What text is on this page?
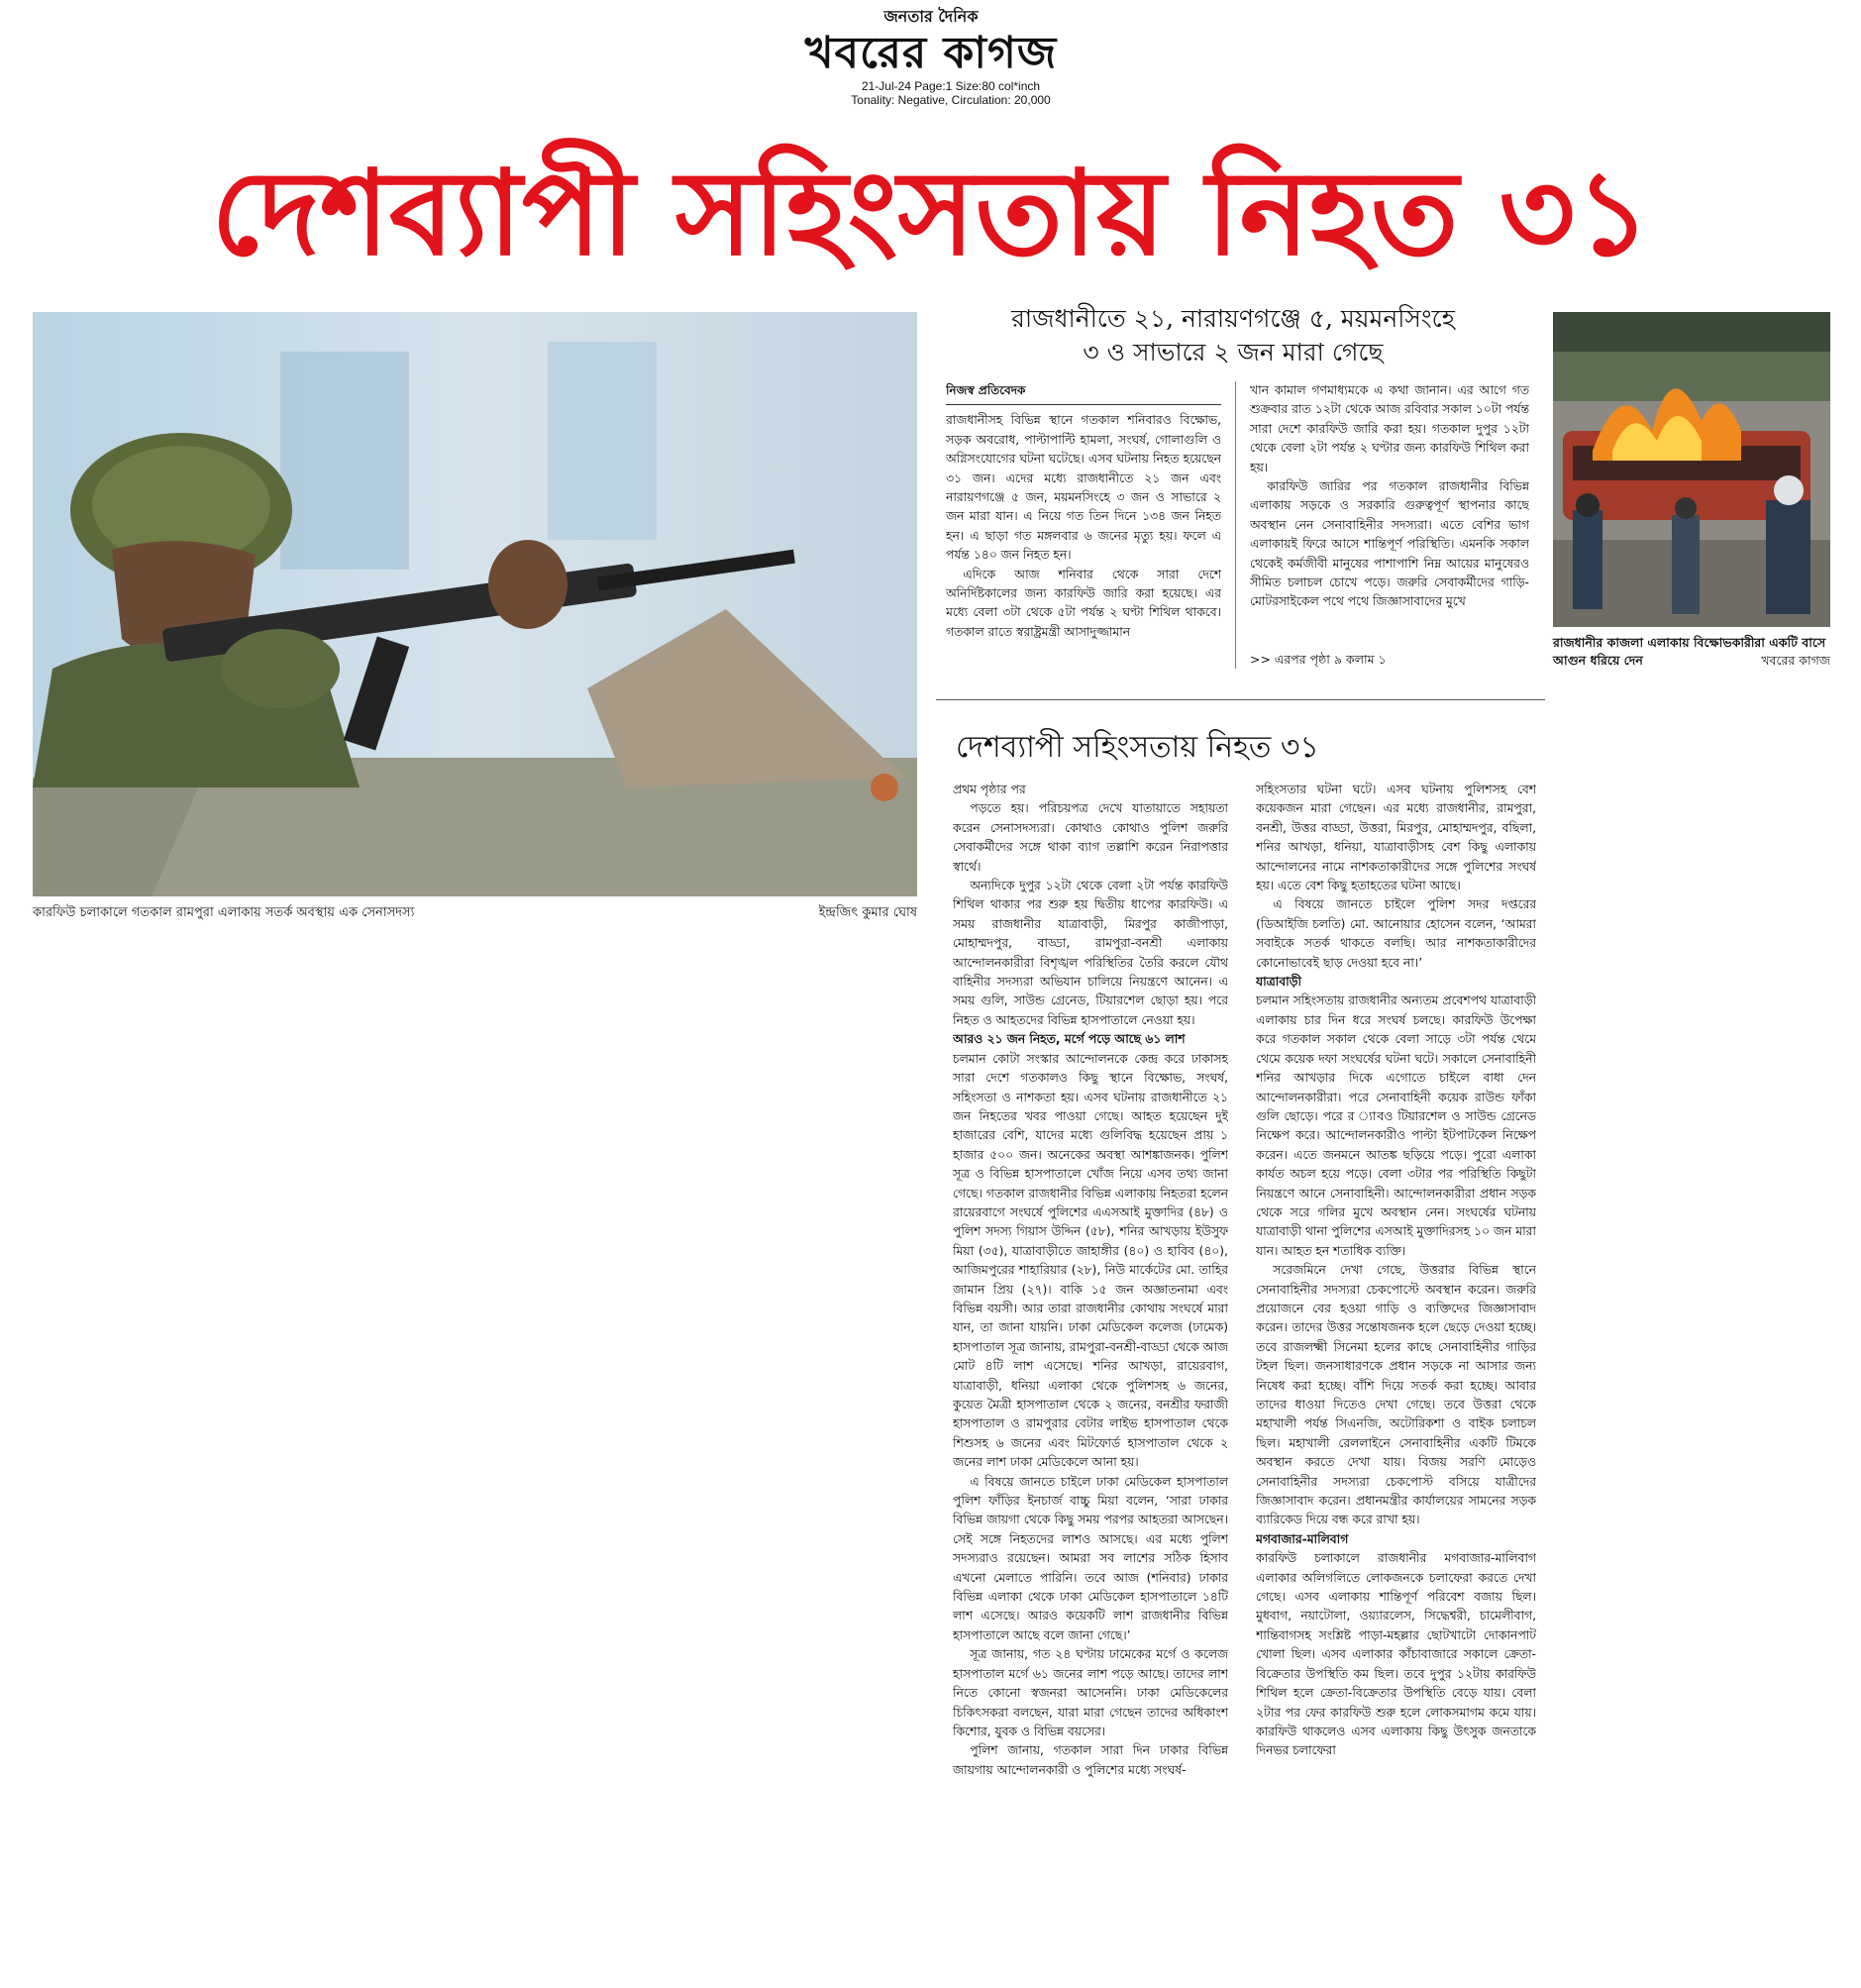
জনতার দৈনিক
খবরের কাগজ
21-Jul-24 Page:1 Size:80 col*inch
Tonality: Negative, Circulation: 20,000
দেশব্যাপী সহিংসতায় নিহত ৩১
কারফিউ চলাকালে গতকাল রামপুরা এলাকায় সতর্ক অবস্থায় এক সেনাসদস্য	ইন্দ্রজিৎ কুমার ঘোষ
রাজধানীতে ২১, নারায়ণগঞ্জে ৫, ময়মনসিংহে
৩ ও সাভারে ২ জন মারা গেছে

নিজস্ব প্রতিবেদক

রাজধানীসহ বিভিন্ন স্থানে গতকাল শনিবারও বিক্ষোভ, সড়ক অবরোধ, পাল্টাপাল্টি হামলা, সংঘর্ষ, গোলাগুলি ও অগ্নিসংযোগের ঘটনা ঘটেছে। এসব ঘটনায় নিহত হয়েছেন ৩১ জন। এদের মধ্যে রাজধানীতে ২১ জন এবং নারায়ণগঞ্জে ৫ জন, ময়মনসিংহে ৩ জন ও সাভারে ২ জন মারা যান। এ নিয়ে গত তিন দিনে ১৩৪ জন নিহত হন। এ ছাড়া গত মঙ্গলবার ৬ জনের মৃত্যু হয়। ফলে এ পর্যন্ত ১৪০ জন নিহত হন।

এদিকে আজ শনিবার থেকে সারা দেশে অনির্দিষ্টকালের জন্য কারফিউ জারি করা হয়েছে। এর মধ্যে বেলা ৩টা থেকে ৫টা পর্যন্ত ২ ঘণ্টা শিথিল থাকবে। গতকাল রাতে স্বরাষ্ট্রমন্ত্রী আসাদুজ্জামান

খান কামাল গণমাধ্যমকে এ কথা জানান। এর আগে গত শুক্রবার রাত ১২টা থেকে আজ রবিবার সকাল ১০টা পর্যন্ত সারা দেশে কারফিউ জারি করা হয়। গতকাল দুপুর ১২টা থেকে বেলা ২টা পর্যন্ত ২ ঘণ্টার জন্য কারফিউ শিথিল করা হয়।

কারফিউ জারির পর গতকাল রাজধানীর বিভিন্ন এলাকায় সড়কে ও সরকারি গুরুত্বপূর্ণ স্থাপনার কাছে অবস্থান নেন সেনাবাহিনীর সদস্যরা। এতে বেশির ভাগ এলাকায়ই ফিরে আসে শান্তিপূর্ণ পরিস্থিতি। এমনকি সকাল থেকেই কর্মজীবী মানুষের পাশাপাশি নিম্ন আয়ের মানুষেরও সীমিত চলাচল চোখে পড়ে। জরুরি সেবাকর্মীদের গাড়ি-মোটরসাইকেল পথে পথে জিজ্ঞাসাবাদের মুখে

>> এরপর পৃষ্ঠা ৯ কলাম ১
রাজধানীর কাজলা এলাকায় বিক্ষোভকারীরা একটি বাসে আগুন ধরিয়ে দেন	খবরের কাগজ
দেশব্যাপী সহিংসতায় নিহত ৩১

প্রথম পৃষ্ঠার পর

পড়তে হয়। পরিচয়পত্র দেখে যাতায়াতে সহায়তা করেন সেনাসদস্যরা। কোথাও কোথাও পুলিশ জরুরি সেবাকর্মীদের সঙ্গে থাকা ব্যাগ তল্লাশি করেন নিরাপত্তার স্বার্থে।

অন্যদিকে দুপুর ১২টা থেকে বেলা ২টা পর্যন্ত কারফিউ শিথিল থাকার পর শুরু হয় দ্বিতীয় ধাপের কারফিউ। এ সময় রাজধানীর যাত্রাবাড়ী, মিরপুর কাজীপাড়া, মোহাম্মদপুর, বাড্ডা, রামপুরা-বনশ্রী এলাকায় আন্দোলনকারীরা বিশৃঙ্খল পরিস্থিতির তৈরি করলে যৌথ বাহিনীর সদস্যরা অভিযান চালিয়ে নিয়ন্ত্রণে আনেন। এ সময় গুলি, সাউন্ড গ্রেনেড, টিয়ারশেল ছোড়া হয়। পরে নিহত ও আহতদের বিভিন্ন হাসপাতালে নেওয়া হয়।

আরও ২১ জন নিহত, মর্গে পড়ে আছে ৬১ লাশ

চলমান কোটা সংস্কার আন্দোলনকে কেন্দ্র করে ঢাকাসহ সারা দেশে গতকালও কিছু স্থানে বিক্ষোভ, সংঘর্ষ, সহিংসতা ও নাশকতা হয়। এসব ঘটনায় রাজধানীতে ২১ জন নিহতের খবর পাওয়া গেছে। আহত হয়েছেন দুই হাজারের বেশি, যাদের মধ্যে গুলিবিদ্ধ হয়েছেন প্রায় ১ হাজার ৫০০ জন। অনেকের অবস্থা আশঙ্কাজনক। পুলিশ সূত্র ও বিভিন্ন হাসপাতালে খোঁজ নিয়ে এসব তথ্য জানা গেছে। গতকাল রাজধানীর বিভিন্ন এলাকায় নিহতরা হলেন রায়েরবাগে সংঘর্ষে পুলিশের এএসআই মুক্তাদির (৪৮) ও পুলিশ সদস্য গিয়াস উদ্দিন (৫৮), শনির আখড়ায় ইউসুফ মিয়া (৩৫), যাত্রাবাড়ীতে জাহাঙ্গীর (৪০) ও হাবিব (৪০), আজিমপুরের শাহারিয়ার (২৮), নিউ মার্কেটের মো. তাহির জামান প্রিয় (২৭)। বাকি ১৫ জন অজ্ঞাতনামা এবং বিভিন্ন বয়সী। আর তারা রাজধানীর কোথায় সংঘর্ষে মারা যান, তা জানা যায়নি। ঢাকা মেডিকেল কলেজ (ঢামেক) হাসপাতাল সূত্র জানায়, রামপুরা-বনশ্রী-বাড্ডা থেকে আজ মোট ৪টি লাশ এসেছে। শনির আখড়া, রায়েরবাগ, যাত্রাবাড়ী, ধনিয়া এলাকা থেকে পুলিশসহ ৬ জনের, কুয়েত মৈত্রী হাসপাতাল থেকে ২ জনের, বনশ্রীর ফরাজী হাসপাতাল ও রামপুরার বেটার লাইভ হাসপাতাল থেকে শিশুসহ ৬ জনের এবং মিটফোর্ড হাসপাতাল থেকে ২ জনের লাশ ঢাকা মেডিকেলে আনা হয়।

এ বিষয়ে জানতে চাইলে ঢাকা মেডিকেল হাসপাতাল পুলিশ ফাঁড়ির ইনচার্জ বাচ্চু মিয়া বলেন, ‘সারা ঢাকার বিভিন্ন জায়গা থেকে কিছু সময় পরপর আহতরা আসছেন। সেই সঙ্গে নিহতদের লাশও আসছে। এর মধ্যে পুলিশ সদস্যরাও রয়েছেন। আমরা সব লাশের সঠিক হিসাব এখনো মেলাতে পারিনি। তবে আজ (শনিবার) ঢাকার বিভিন্ন এলাকা থেকে ঢাকা মেডিকেল হাসপাতালে ১৪টি লাশ এসেছে। আরও কয়েকটি লাশ রাজধানীর বিভিন্ন হাসপাতালে আছে বলে জানা গেছে।’

সূত্র জানায়, গত ২৪ ঘণ্টায় ঢামেকের মর্গে ও কলেজ হাসপাতাল মর্গে ৬১ জনের লাশ পড়ে আছে। তাদের লাশ নিতে কোনো স্বজনরা আসেননি। ঢাকা মেডিকেলের চিকিৎসকরা বলছেন, যারা মারা গেছেন তাদের অধিকাংশ কিশোর, যুবক ও বিভিন্ন বয়সের।

পুলিশ জানায়, গতকাল সারা দিন ঢাকার বিভিন্ন জায়গায় আন্দোলনকারী ও পুলিশের মধ্যে সংঘর্ষ-

সহিংসতার ঘটনা ঘটে। এসব ঘটনায় পুলিশসহ বেশ কয়েকজন মারা গেছেন। এর মধ্যে রাজধানীর, রামপুরা, বনশ্রী, উত্তর বাড্ডা, উত্তরা, মিরপুর, মোহাম্মদপুর, বছিলা, শনির আখড়া, ধনিয়া, যাত্রাবাড়ীসহ বেশ কিছু এলাকায় আন্দোলনের নামে নাশকতাকারীদের সঙ্গে পুলিশের সংঘর্ষ হয়। এতে বেশ কিছু হতাহতের ঘটনা আছে।

এ বিষয়ে জানতে চাইলে পুলিশ সদর দপ্তরের (ডিআইজি চলতি) মো. আনোয়ার হোসেন বলেন, ‘আমরা সবাইকে সতর্ক থাকতে বলছি। আর নাশকতাকারীদের কোনোভাবেই ছাড় দেওয়া হবে না।’

যাত্রাবাড়ী

চলমান সহিংসতায় রাজধানীর অন্যতম প্রবেশপথ যাত্রাবাড়ী এলাকায় চার দিন ধরে সংঘর্ষ চলছে। কারফিউ উপেক্ষা করে গতকাল সকাল থেকে বেলা সাড়ে ৩টা পর্যন্ত থেমে থেমে কয়েক দফা সংঘর্ষের ঘটনা ঘটে। সকালে সেনাবাহিনী শনির আখড়ার দিকে এগোতে চাইলে বাধা দেন আন্দোলনকারীরা। পরে সেনাবাহিনী কয়েক রাউন্ড ফাঁকা গুলি ছোড়ে। পরে র ্যাবও টিয়ারশেল ও সাউন্ড গ্রেনেড নিক্ষেপ করে। আন্দোলনকারীও পাল্টা ইটপাটকেল নিক্ষেপ করেন। এতে জনমনে আতঙ্ক ছড়িয়ে পড়ে। পুরো এলাকা কার্যত অচল হয়ে পড়ে। বেলা ৩টার পর পরিস্থিতি কিছুটা নিয়ন্ত্রণে আনে সেনাবাহিনী। আন্দোলনকারীরা প্রধান সড়ক থেকে সরে গলির মুখে অবস্থান নেন। সংঘর্ষের ঘটনায় যাত্রাবাড়ী থানা পুলিশের এসআই মুক্তাদিরসহ ১০ জন মারা যান। আহত হন শতাধিক ব্যক্তি।

সরেজমিনে দেখা গেছে, উত্তরার বিভিন্ন স্থানে সেনাবাহিনীর সদস্যরা চেকপোস্টে অবস্থান করেন। জরুরি প্রয়োজনে বের হওয়া গাড়ি ও ব্যক্তিদের জিজ্ঞাসাবাদ করেন। তাদের উত্তর সন্তোষজনক হলে ছেড়ে দেওয়া হচ্ছে। তবে রাজলক্ষ্মী সিনেমা হলের কাছে সেনাবাহিনীর গাড়ির টহল ছিল। জনসাধারণকে প্রধান সড়কে না আসার জন্য নিষেধ করা হচ্ছে। বাঁশি দিয়ে সতর্ক করা হচ্ছে। আবার তাদের ধাওয়া দিতেও দেখা গেছে। তবে উত্তরা থেকে মহাখালী পর্যন্ত সিএনজি, অটোরিকশা ও বাইক চলাচল ছিল। মহাখালী রেললাইনে সেনাবাহিনীর একটি টিমকে অবস্থান করতে দেখা যায়। বিজয় সরণি মোড়েও সেনাবাহিনীর সদস্যরা চেকপোস্ট বসিয়ে যাত্রীদের জিজ্ঞাসাবাদ করেন। প্রধানমন্ত্রীর কার্যালয়ের সামনের সড়ক ব্যারিকেড দিয়ে বন্ধ করে রাখা হয়।

মগবাজার-মালিবাগ

কারফিউ চলাকালে রাজধানীর মগবাজার-মালিবাগ এলাকার অলিগলিতে লোকজনকে চলাফেরা করতে দেখা গেছে। এসব এলাকায় শান্তিপূর্ণ পরিবেশ বজায় ছিল। মুধবাগ, নয়াটোলা, ওয়্যারলেস, সিদ্ধেশ্বরী, চামেলীবাগ, শান্তিবাগসহ সংশ্লিষ্ট পাড়া-মহল্লার ছোটখাটো দোকানপাট খোলা ছিল। এসব এলাকার কাঁচাবাজারে সকালে ক্রেতা-বিক্রেতার উপস্থিতি কম ছিল। তবে দুপুর ১২টায় কারফিউ শিথিল হলে ক্রেতা-বিক্রেতার উপস্থিতি বেড়ে যায়। বেলা ২টার পর ফের কারফিউ শুরু হলে লোকসমাগম কমে যায়। কারফিউ থাকলেও এসব এলাকায় কিছু উৎসুক জনতাকে দিনভর চলাফেরা
